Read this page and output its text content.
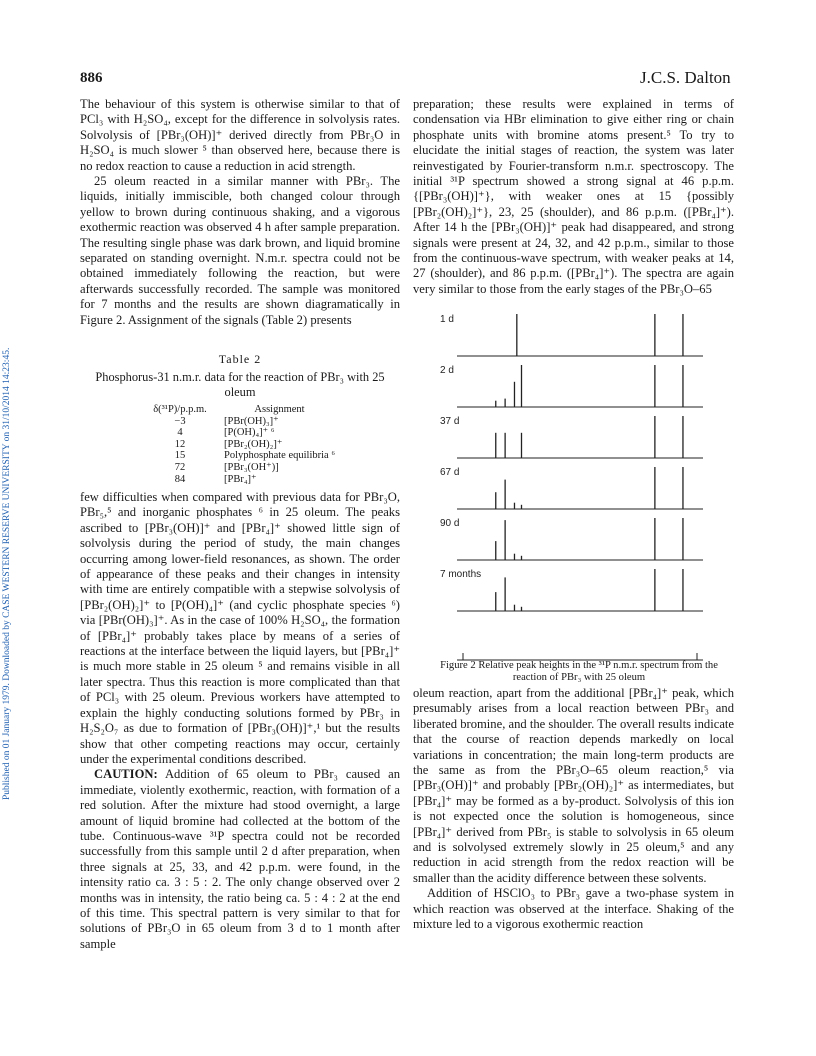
Published on 01 January 1979. Downloaded by CASE WESTERN RESERVE UNIVERSITY on 31/10/2014 14:23:45.
886	J.C.S. Dalton

The behaviour of this system is otherwise similar to that of PCl₃ with H₂SO₄, except for the difference in solvolysis rates. Solvolysis of [PBr₃(OH)]⁺ derived directly from PBr₃O in H₂SO₄ is much slower ⁵ than observed here, because there is no redox reaction to cause a reduction in acid strength.

25 oleum reacted in a similar manner with PBr₃. The liquids, initially immiscible, both changed colour through yellow to brown during continuous shaking, and a vigorous exothermic reaction was observed 4 h after sample preparation. The resulting single phase was dark brown, and liquid bromine separated on standing overnight. N.m.r. spectra could not be obtained immediately following the reaction, but were afterwards successfully recorded. The sample was monitored for 7 months and the results are shown diagramatically in Figure 2. Assignment of the signals (Table 2) presents

Table 2
Phosphorus-31 n.m.r. data for the reaction of PBr₃ with 25 oleum
δ(³¹P)/p.p.m.	Assignment
−3	[PBr(OH)₃]⁺
4	[P(OH)₄]⁺ ⁶
12	[PBr₂(OH)₂]⁺
15	Polyphosphate equilibria ⁶
72	[PBr₃(OH⁺)]
84	[PBr₄]⁺

few difficulties when compared with previous data for PBr₃O, PBr₅,⁵ and inorganic phosphates ⁶ in 25 oleum. The peaks ascribed to [PBr₃(OH)]⁺ and [PBr₄]⁺ showed little sign of solvolysis during the period of study, the main changes occurring among lower-field resonances, as shown. The order of appearance of these peaks and their changes in intensity with time are entirely compatible with a stepwise solvolysis of [PBr₂(OH)₂]⁺ to [P(OH)₄]⁺ (and cyclic phosphate species ⁶) via [PBr(OH)₃]⁺. As in the case of 100% H₂SO₄, the formation of [PBr₄]⁺ probably takes place by means of a series of reactions at the interface between the liquid layers, but [PBr₄]⁺ is much more stable in 25 oleum ⁵ and remains visible in all later spectra. Thus this reaction is more complicated than that of PCl₃ with 25 oleum. Previous workers have attempted to explain the highly conducting solutions formed by PBr₃ in H₂S₂O₇ as due to formation of [PBr₃(OH)]⁺,¹ but the results show that other competing reactions may occur, certainly under the experimental conditions described.

CAUTION: Addition of 65 oleum to PBr₃ caused an immediate, violently exothermic, reaction, with formation of a red solution. After the mixture had stood overnight, a large amount of liquid bromine had collected at the bottom of the tube. Continuous-wave ³¹P spectra could not be recorded successfully from this sample until 2 d after preparation, when three signals at 25, 33, and 42 p.p.m. were found, in the intensity ratio ca. 3 : 5 : 2. The only change observed over 2 months was in intensity, the ratio being ca. 5 : 4 : 2 at the end of this time. This spectral pattern is very similar to that for solutions of PBr₃O in 65 oleum from 3 d to 1 month after sample

preparation; these results were explained in terms of condensation via HBr elimination to give either ring or chain phosphate units with bromine atoms present.⁵ To try to elucidate the initial stages of reaction, the system was later reinvestigated by Fourier-transform n.m.r. spectroscopy. The initial ³¹P spectrum showed a strong signal at 46 p.p.m. {[PBr₃(OH)]⁺}, with weaker ones at 15 {possibly [PBr₂(OH)₂]⁺}, 23, 25 (shoulder), and 86 p.p.m. ([PBr₄]⁺). After 14 h the [PBr₃(OH)]⁺ peak had disappeared, and strong signals were present at 24, 32, and 42 p.p.m., similar to those from the continuous-wave spectrum, with weaker peaks at 14, 27 (shoulder), and 86 p.p.m. ([PBr₄]⁺). The spectra are again very similar to those from the early stages of the PBr₃O–65

1 d
2 d
37 d
67 d
90 d
7 months
Figure 2 Relative peak heights in the ³¹P n.m.r. spectrum from the reaction of PBr₃ with 25 oleum

oleum reaction, apart from the additional [PBr₄]⁺ peak, which presumably arises from a local reaction between PBr₃ and liberated bromine, and the shoulder. The overall results indicate that the course of reaction depends markedly on local variations in concentration; the main long-term products are the same as from the PBr₃O–65 oleum reaction,⁵ via [PBr₃(OH)]⁺ and probably [PBr₂(OH)₂]⁺ as intermediates, but [PBr₄]⁺ may be formed as a by-product. Solvolysis of this ion is not expected once the solution is homogeneous, since [PBr₄]⁺ derived from PBr₅ is stable to solvolysis in 65 oleum and is solvolysed extremely slowly in 25 oleum,⁵ and any reduction in acid strength from the redox reaction will be smaller than the acidity difference between these solvents.

Addition of HSClO₃ to PBr₃ gave a two-phase system in which reaction was observed at the interface. Shaking of the mixture led to a vigorous exothermic reaction
